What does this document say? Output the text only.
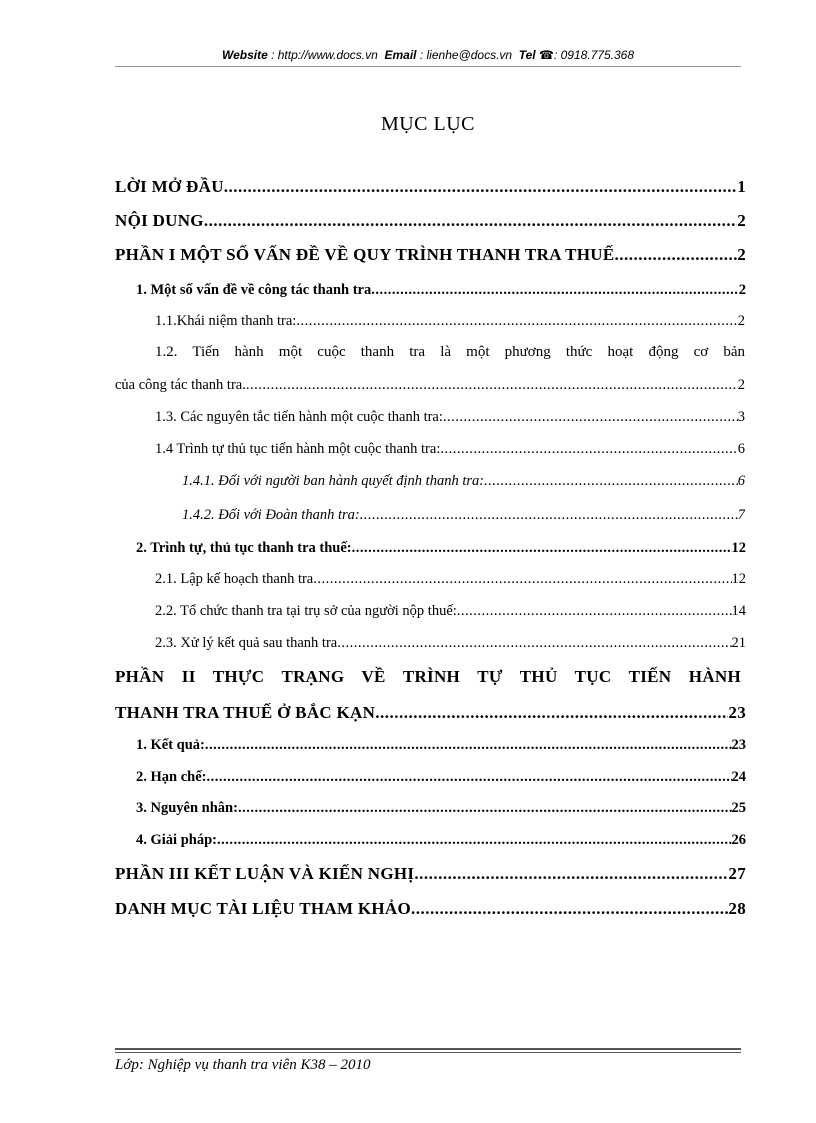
Website : http://www.docs.vn Email : lienhe@docs.vn Tel ☎: 0918.775.368
MỤC LỤC
LỜI MỞ ĐẦU .....	1
NỘI DUNG .....	2
PHẦN I MỘT SỐ VẤN ĐỀ VỀ QUY TRÌNH THANH TRA THUẾ .....	2
1. Một số vấn đề về công tác thanh tra .....	2
1.1.Khái niệm thanh tra: .....	2
1.2. Tiến hành một cuộc thanh tra là một phương thức hoạt động cơ bản
của công tác thanh tra. .....	2
1.3. Các nguyên tắc tiến hành một cuộc thanh tra: .....	3
1.4 Trình tự thủ tục tiến hành một cuộc thanh tra: .....	6
1.4.1. Đối với người ban hành quyết định thanh tra: .....	6
1.4.2. Đối với Đoàn thanh tra: .....	7
2. Trình tự, thủ tục thanh tra thuế: .....	12
2.1. Lập kế hoạch thanh tra .....	12
2.2. Tổ chức thanh tra tại trụ sở của người nộp thuế: .....	14
2.3. Xử lý kết quả sau thanh tra .....	21
PHẦN II THỰC TRẠNG VỀ TRÌNH TỰ THỦ TỤC TIẾN HÀNH
THANH TRA THUẾ Ở BẮC KẠN .....	23
1. Kết quả: .....	23
2. Hạn chế: .....	24
3. Nguyên nhân: .....	25
4. Giải pháp: .....	26
PHẦN III KẾT LUẬN VÀ KIẾN NGHỊ .....	27
DANH MỤC TÀI LIỆU THAM KHẢO .....	28
Lớp: Nghiệp vụ thanh tra viên K38 – 2010
